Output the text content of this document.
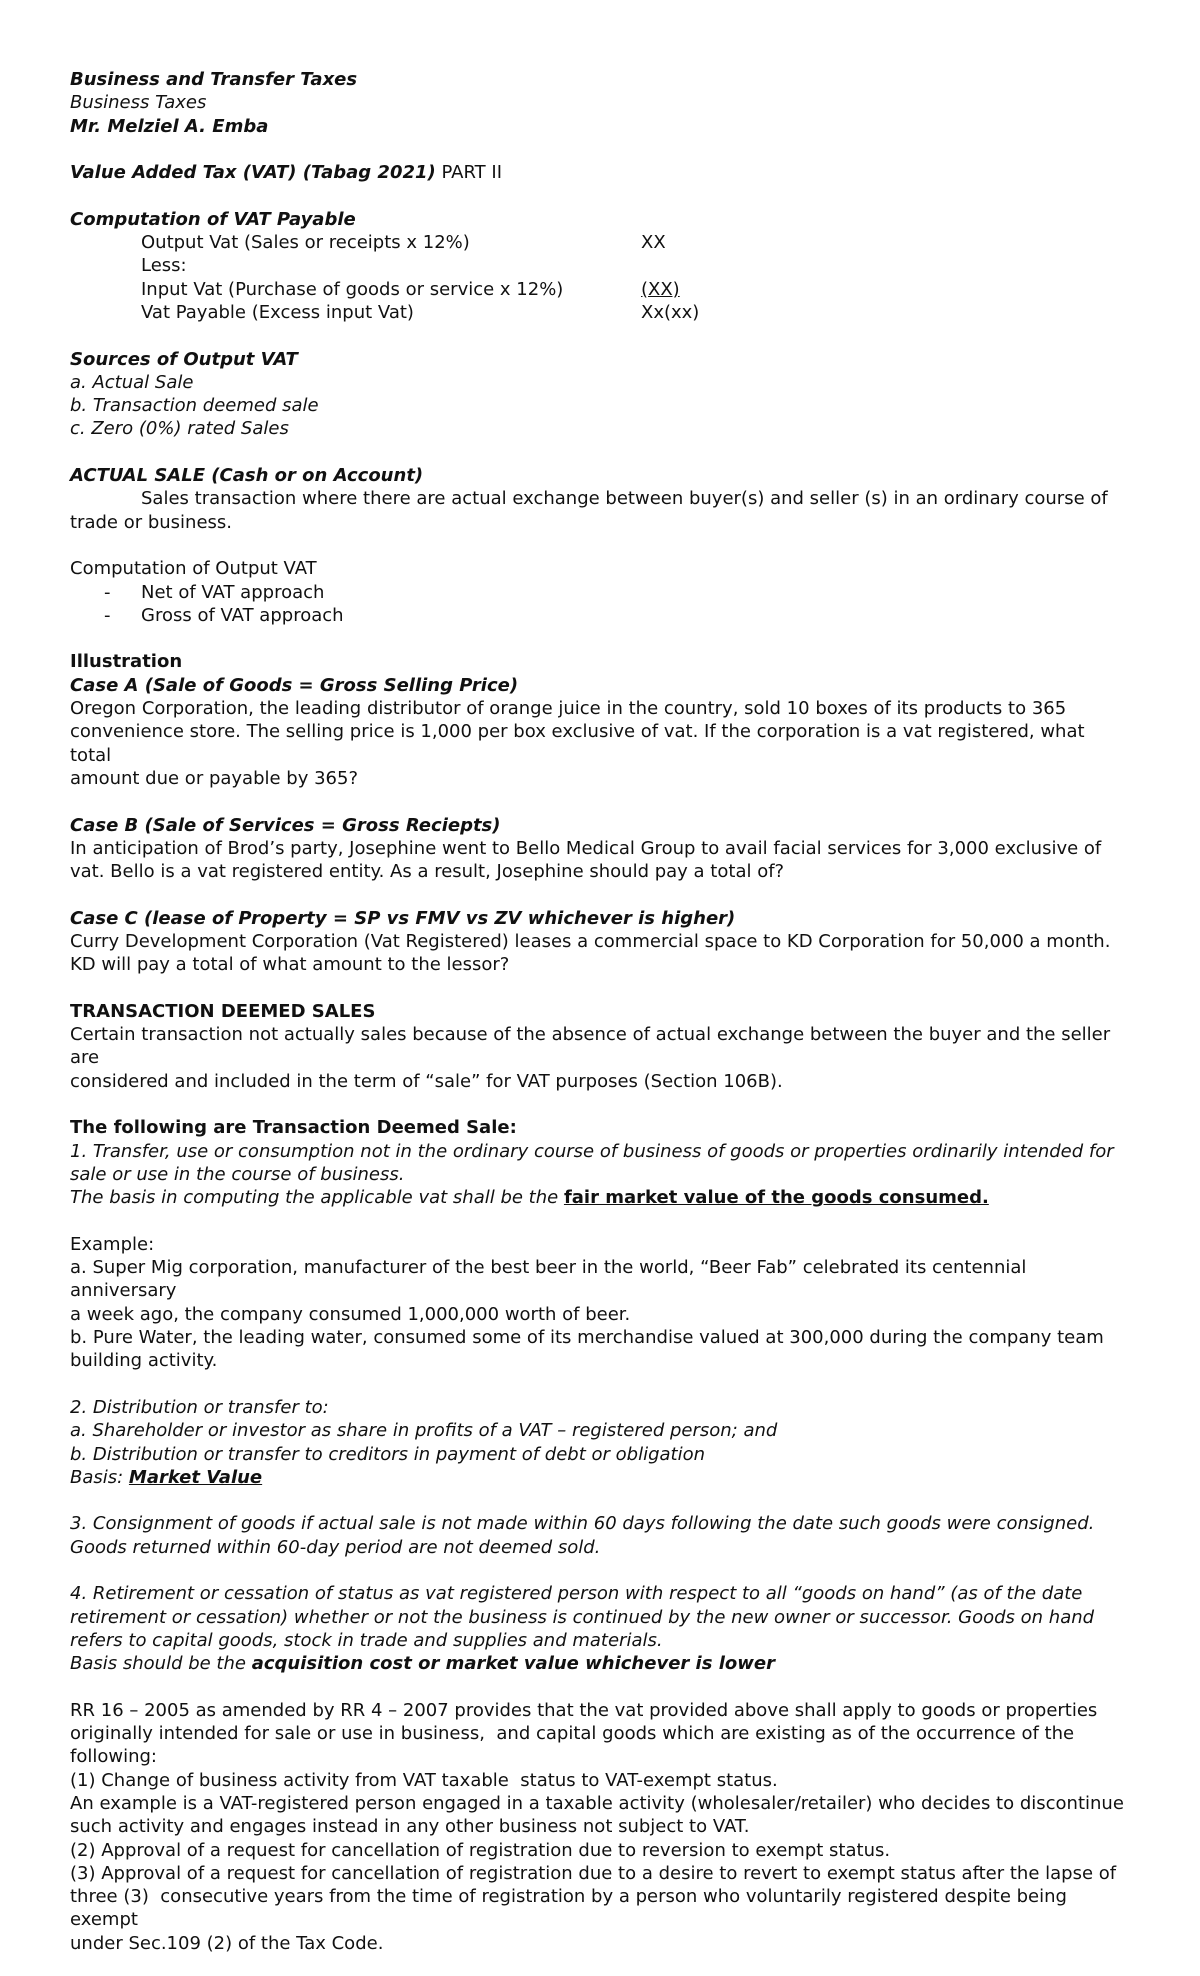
Business and Transfer Taxes
Business Taxes
Mr. Melziel A. Emba
Value Added Tax (VAT) (Tabag 2021) PART II
Computation of VAT Payable
Output Vat (Sales or receipts x 12%)	XX
Less:
Input Vat (Purchase of goods or service x 12%)	(XX)
Vat Payable (Excess input Vat)	Xx(xx)
Sources of Output VAT
a. Actual Sale
b. Transaction deemed sale
c. Zero (0%) rated Sales
ACTUAL SALE (Cash or on Account)
Sales transaction where there are actual exchange between buyer(s) and seller (s) in an ordinary course of
trade or business.
Computation of Output VAT
-	Net of VAT approach
-	Gross of VAT approach
Illustration
Case A (Sale of Goods = Gross Selling Price)
Oregon Corporation, the leading distributor of orange juice in the country, sold 10 boxes of its products to 365
convenience store. The selling price is 1,000 per box exclusive of vat. If the corporation is a vat registered, what total
amount due or payable by 365?
Case B (Sale of Services = Gross Reciepts)
In anticipation of Brod’s party, Josephine went to Bello Medical Group to avail facial services for 3,000 exclusive of
vat. Bello is a vat registered entity. As a result, Josephine should pay a total of?
Case C (lease of Property = SP vs FMV vs ZV whichever is higher)
Curry Development Corporation (Vat Registered) leases a commercial space to KD Corporation for 50,000 a month.
KD will pay a total of what amount to the lessor?
TRANSACTION DEEMED SALES
Certain transaction not actually sales because of the absence of actual exchange between the buyer and the seller are
considered and included in the term of “sale” for VAT purposes (Section 106B).
The following are Transaction Deemed Sale:
1. Transfer, use or consumption not in the ordinary course of business of goods or properties ordinarily intended for
sale or use in the course of business.
The basis in computing the applicable vat shall be the fair market value of the goods consumed.
Example:
a. Super Mig corporation, manufacturer of the best beer in the world, “Beer Fab” celebrated its centennial anniversary
a week ago, the company consumed 1,000,000 worth of beer.
b. Pure Water, the leading water, consumed some of its merchandise valued at 300,000 during the company team
building activity.
2. Distribution or transfer to:
a. Shareholder or investor as share in profits of a VAT – registered person; and
b. Distribution or transfer to creditors in payment of debt or obligation
Basis: Market Value
3. Consignment of goods if actual sale is not made within 60 days following the date such goods were consigned.
Goods returned within 60-day period are not deemed sold.
4. Retirement or cessation of status as vat registered person with respect to all “goods on hand” (as of the date
retirement or cessation) whether or not the business is continued by the new owner or successor. Goods on hand
refers to capital goods, stock in trade and supplies and materials.
Basis should be the acquisition cost or market value whichever is lower
RR 16 – 2005 as amended by RR 4 – 2007 provides that the vat provided above shall apply to goods or properties
originally intended for sale or use in business,  and capital goods which are existing as of the occurrence of the
following:
(1) Change of business activity from VAT taxable  status to VAT-exempt status.
An example is a VAT-registered person engaged in a taxable activity (wholesaler/retailer) who decides to discontinue
such activity and engages instead in any other business not subject to VAT.
(2) Approval of a request for cancellation of registration due to reversion to exempt status.
(3) Approval of a request for cancellation of registration due to a desire to revert to exempt status after the lapse of
three (3)  consecutive years from the time of registration by a person who voluntarily registered despite being exempt
under Sec.109 (2) of the Tax Code.
